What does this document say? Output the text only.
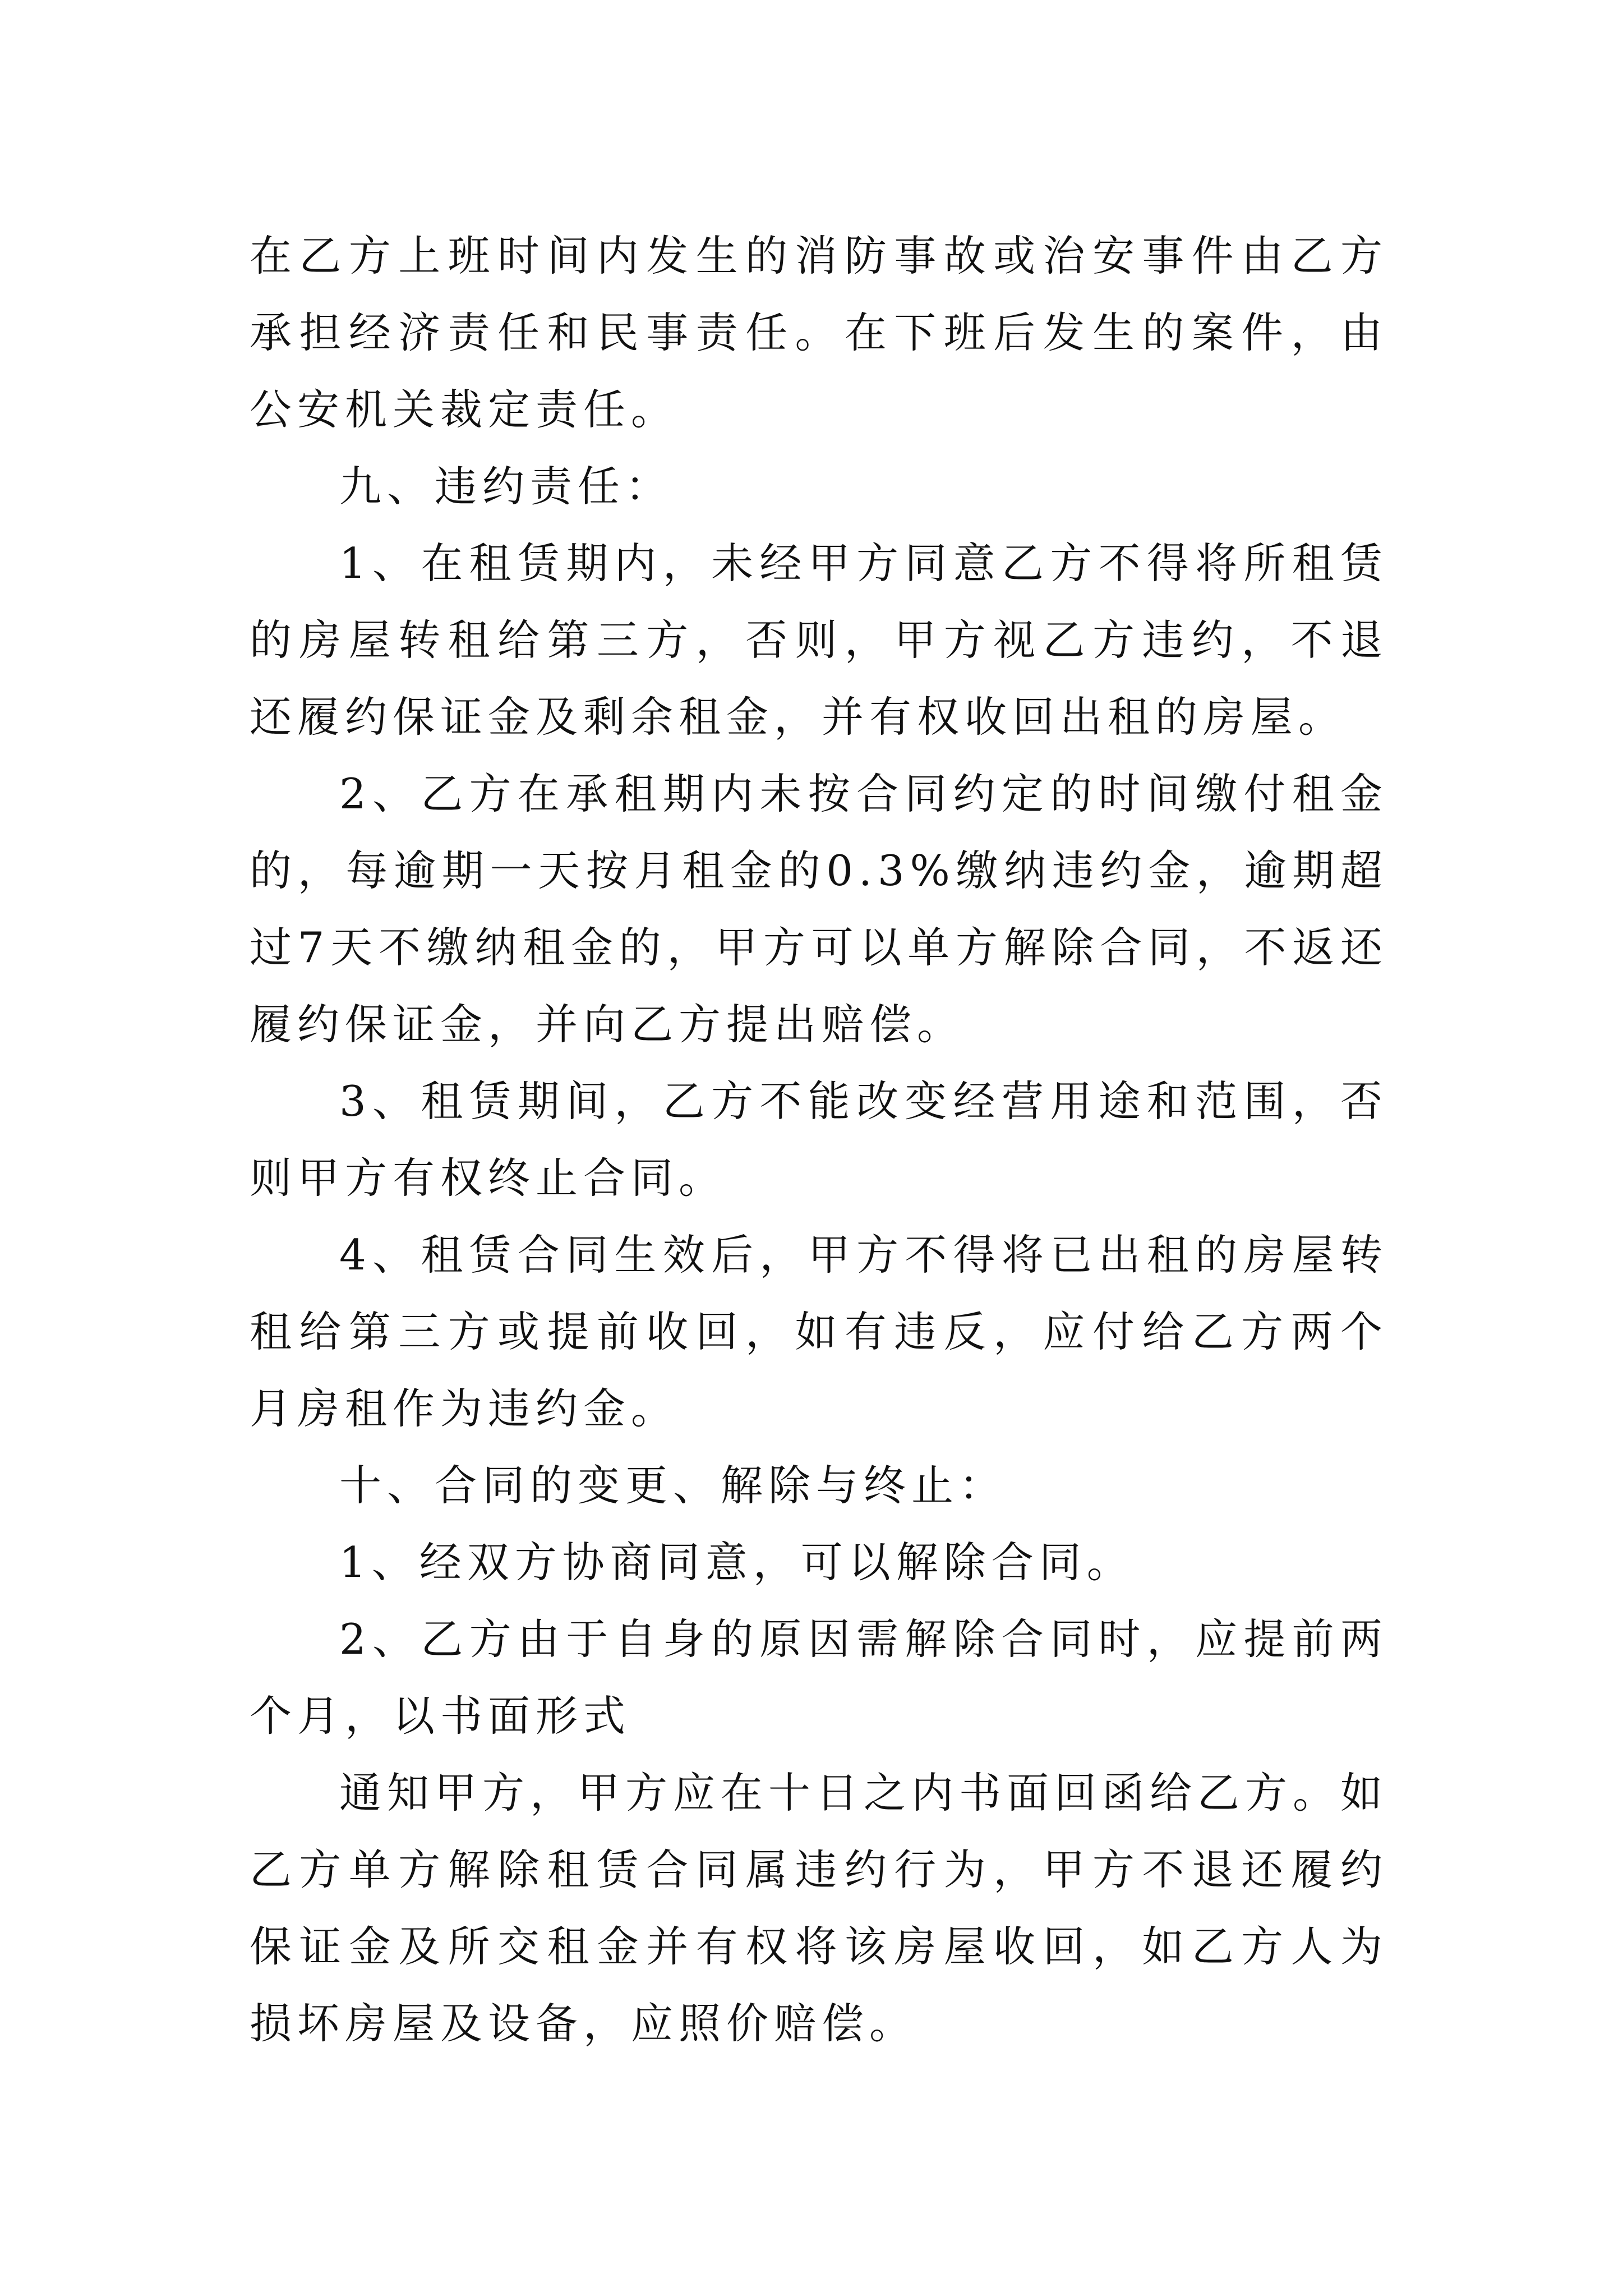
在乙方上班时间内发生的消防事故或治安事件由乙方承担经济责任和民事责任。在下班后发生的案件，由公安机关裁定责任。

九、违约责任：

1、在租赁期内，未经甲方同意乙方不得将所租赁的房屋转租给第三方，否则，甲方视乙方违约，不退还履约保证金及剩余租金，并有权收回出租的房屋。

2、乙方在承租期内未按合同约定的时间缴付租金的，每逾期一天按月租金的0.3%缴纳违约金，逾期超过7天不缴纳租金的，甲方可以单方解除合同，不返还履约保证金，并向乙方提出赔偿。

3、租赁期间，乙方不能改变经营用途和范围，否则甲方有权终止合同。

4、租赁合同生效后，甲方不得将已出租的房屋转租给第三方或提前收回，如有违反，应付给乙方两个月房租作为违约金。

十、合同的变更、解除与终止：

1、经双方协商同意，可以解除合同。

2、乙方由于自身的原因需解除合同时，应提前两个月，以书面形式

通知甲方，甲方应在十日之内书面回函给乙方。如乙方单方解除租赁合同属违约行为，甲方不退还履约保证金及所交租金并有权将该房屋收回，如乙方人为损坏房屋及设备，应照价赔偿。
